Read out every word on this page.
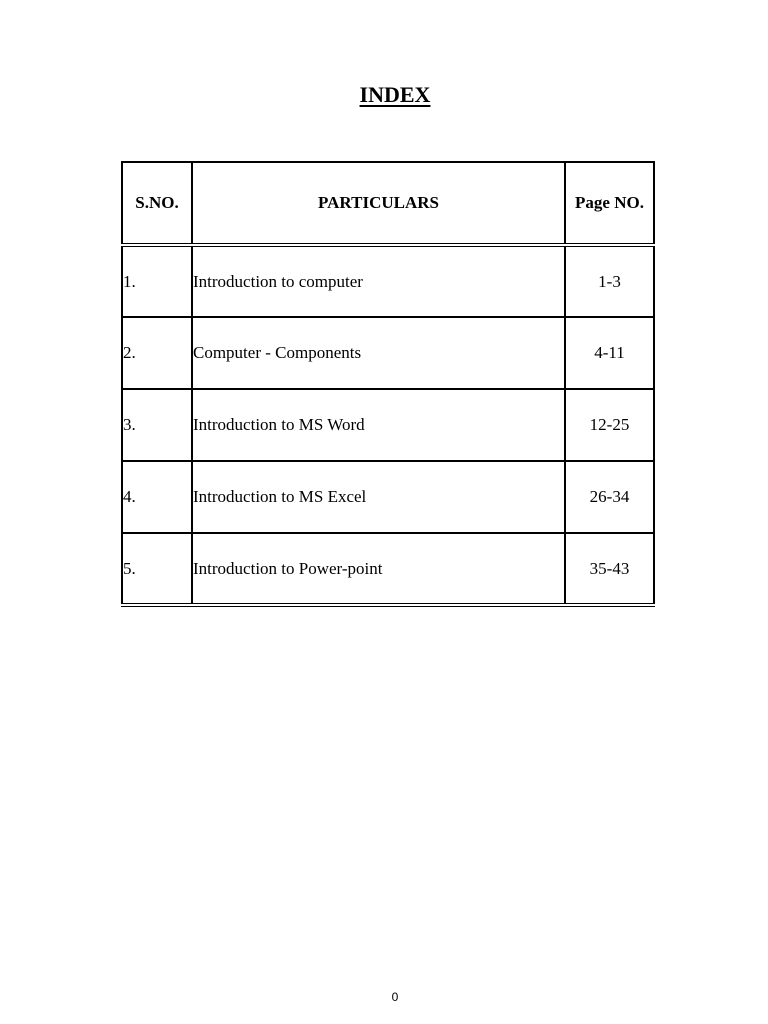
INDEX
S.NO.	PARTICULARS	Page NO.
1.	Introduction to computer	1-3
2.	Computer - Components	4-11
3.	Introduction to MS Word	12-25
4.	Introduction to MS Excel	26-34
5.	Introduction to Power-point	35-43
0
